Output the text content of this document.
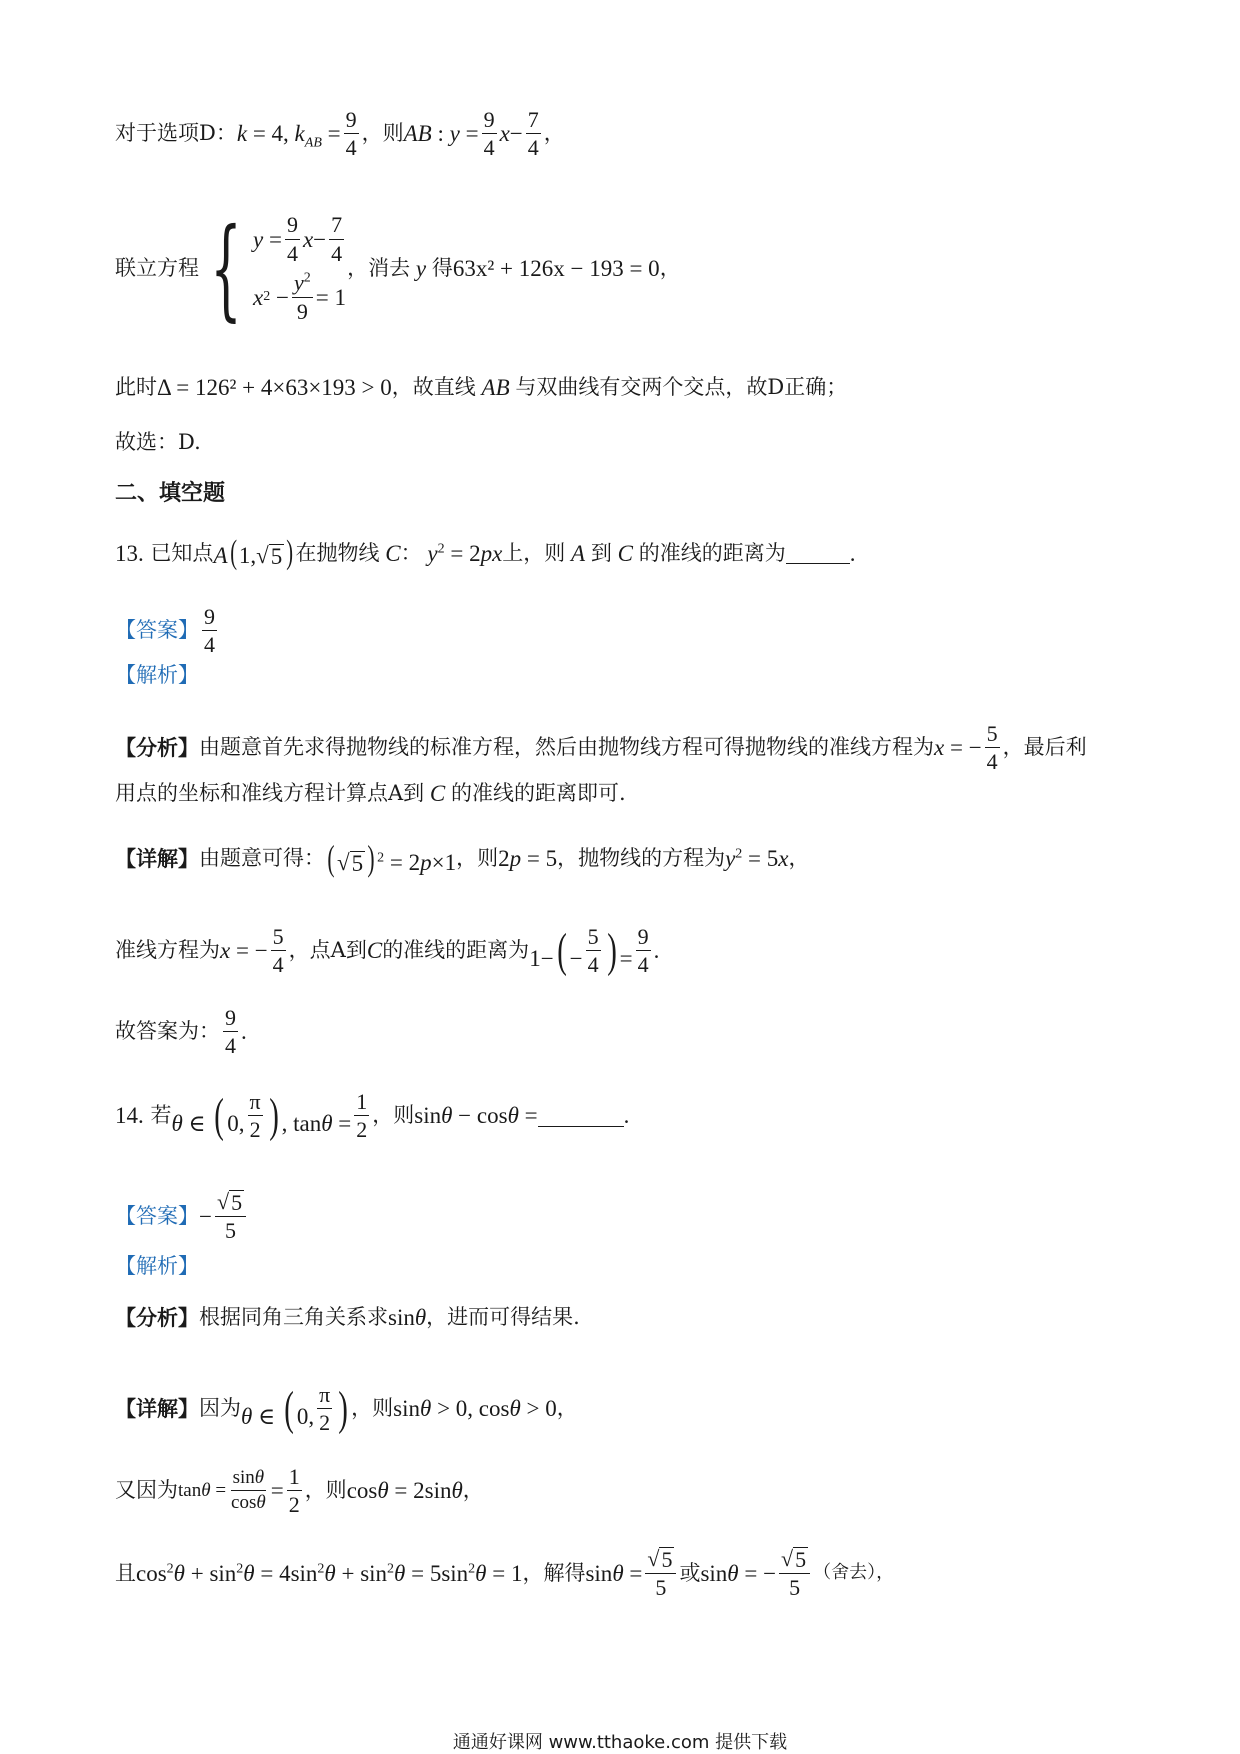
对于选项D： k = 4, $k_{AB} = \frac{9}{4}$ ，则 AB : $y = \frac{9}{4}$ $x - \frac{7}{4}$ ，
联立方程 { $y = \frac{9}{4}$ $x - \frac{7}{4}$
x $2 - \frac{y^2}{9} = 1$
，消去 y 得 63x² + 126x − 193 = 0 ，
此时 Δ = 126² + 4×63×193 > 0 ，故直线 AB 与双曲线有交两个交点，故D正确；
故选：D.
二、填空题
13.
已知点 A(1, √ 5 ) 在抛物线 C ： $y^2 = 2px$ 上，则 A 到 C 的准线的距离为
	.
【答案】 $\frac{9}{4}$
【解析】
【分析】 由题意首先求得抛物线的标准方程，然后由抛物线方程可得抛物线的准线方程为 x = − $\frac{5}{4}$ ，最后利
用点的坐标和准线方程计算点A到 C 的准线的距离即可.
【详解】 由题意可得： ( √ 5 ) $^2$ = 2p×1 ，则 2p = 5 ，抛物线的方程为 $y^2 = 5x$ ，
准线方程为 x = − $\frac{5}{4}$ ，点A到 C 的准线的距离为 $1-( - \frac{5}{4}$ ) = $\frac{9}{4}$ .
故答案为： $\frac{9}{4}$ .
14.
若 θ ∈ ( 0, $\frac{\pi}{2}$ ) , $\tan\theta = \frac{1}{2}$ ，则 sinθ − cosθ =
	.
【答案】 − $\frac{√ 5}{5}$
【解析】
【分析】 根据同角三角关系求 sinθ ，进而可得结果.
【详解】 因为 θ ∈ ( 0, $\frac{\pi}{2}$ ) ，则 sinθ > 0, cosθ > 0 ，
又因为 $\tan\theta = \frac{\sin\theta}{\cos\theta} = \frac{1}{2}$ ，则 cosθ = 2sinθ ，
且 $\cos^2\theta + \sin^2\theta = 4\sin^2\theta + \sin^2\theta = 5\sin^2\theta = 1$ ，解得 $\sin\theta = \frac{√ 5}{5}$ 或 sinθ = − $\frac{√ 5}{5}$ （舍去），
通通好课网 www.tthaoke.com 提供下载
